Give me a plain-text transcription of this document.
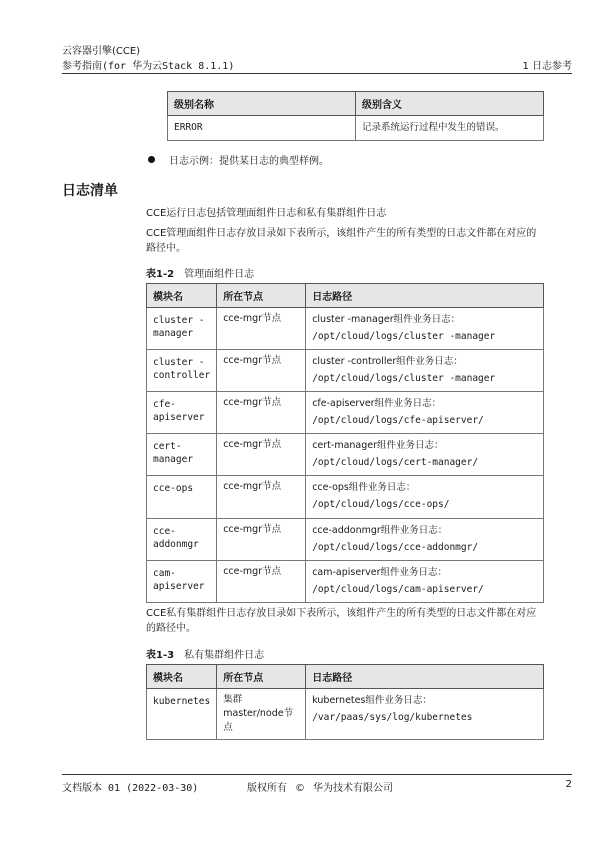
云容器引擎(CCE)
参考指南(for 华为云Stack 8.1.1)	1 日志参考
级别名称	级别含义
ERROR	记录系统运行过程中发生的错误。
日志示例：提供某日志的典型样例。
日志清单
CCE运行日志包括管理面组件日志和私有集群组件日志
CCE管理面组件日志存放目录如下表所示，该组件产生的所有类型的日志文件都在对应的路径中。
表1-2 管理面组件日志
模块名	所在节点	日志路径
cluster -manager	cce-mgr节点	cluster -manager组件业务日志：
/opt/cloud/logs/cluster -manager

cluster -controller	cce-mgr节点	cluster -controller组件业务日志：
/opt/cloud/logs/cluster -manager

cfe-apiserver	cce-mgr节点	cfe-apiserver组件业务日志：
/opt/cloud/logs/cfe-apiserver/

cert-manager	cce-mgr节点	cert-manager组件业务日志：
/opt/cloud/logs/cert-manager/

cce-ops	cce-mgr节点	cce-ops组件业务日志：
/opt/cloud/logs/cce-ops/

cce-addonmgr	cce-mgr节点	cce-addonmgr组件业务日志：
/opt/cloud/logs/cce-addonmgr/

cam-apiserver	cce-mgr节点	cam-apiserver组件业务日志：
/opt/cloud/logs/cam-apiserver/
CCE私有集群组件日志存放目录如下表所示，该组件产生的所有类型的日志文件都在对应的路径中。
表1-3 私有集群组件日志
模块名	所在节点	日志路径
kubernetes	集群master/node节点	kubernetes组件业务日志：
/var/paas/sys/log/kubernetes
文档版本 01 (2022-03-30)	版权所有 © 华为技术有限公司	2
